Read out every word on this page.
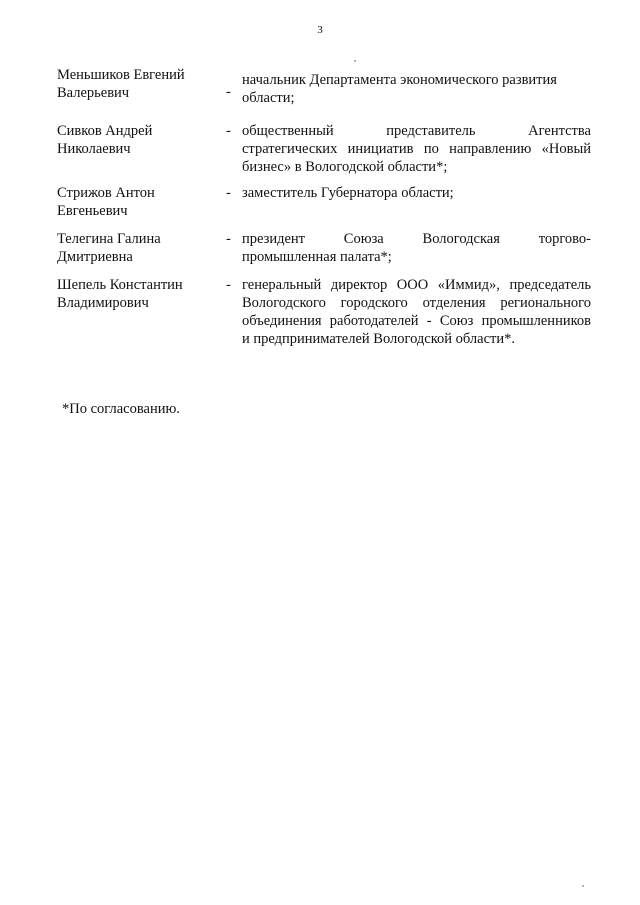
3
Меньшиков Евгений
Валерьевич	-
начальник Департамента экономического развития
области;
Сивков Андрей
Николаевич
- общественный представитель Агентства
стратегических инициатив по направлению «Новый
бизнес» в Вологодской области*;
Стрижов Антон
Евгеньевич
- заместитель Губернатора области;
Телегина Галина
Дмитриевна
- президент Союза Вологодская торгово-
промышленная палата*;
Шепель Константин
Владимирович
- генеральный директор ООО «Иммид», председатель
Вологодского городского отделения регионального
объединения работодателей - Союз промышленников
и предпринимателей Вологодской области*.
*По согласованию.
